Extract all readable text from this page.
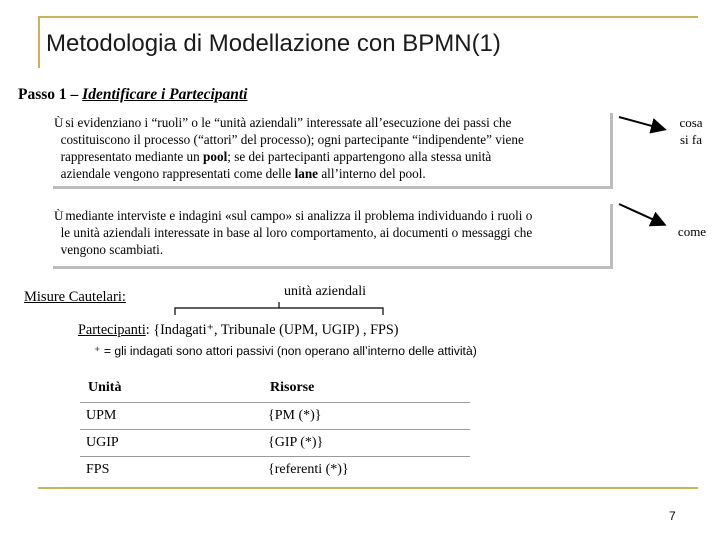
Metodologia di Modellazione con BPMN(1)
Passo 1 – Identificare i Partecipanti
Ù si evidenziano i “ruoli” o le “unità aziendali” interessate all’esecuzione dei passi che
costituiscono il processo (“attori” del processo); ogni partecipante “indipendente” viene
rappresentato mediante un pool; se dei partecipanti appartengono alla stessa unità
aziendale vengono rappresentati come delle lane all’interno del pool.
Ù mediante interviste e indagini «sul campo» si analizza il problema individuando i ruoli o
le unità aziendali interessate in base al loro comportamento, ai documenti o messaggi che
vengono scambiati.
cosa
si fa
come
Misure Cautelari:	unità aziendali
Partecipanti: {Indagati⁺, Tribunale (UPM, UGIP) , FPS)
⁺ = gli indagati sono attori passivi (non operano all’interno delle attività)
Unità	Risorse
UPM	{PM (*)}
UGIP	{GIP (*)}
FPS	{referenti (*)}
7
